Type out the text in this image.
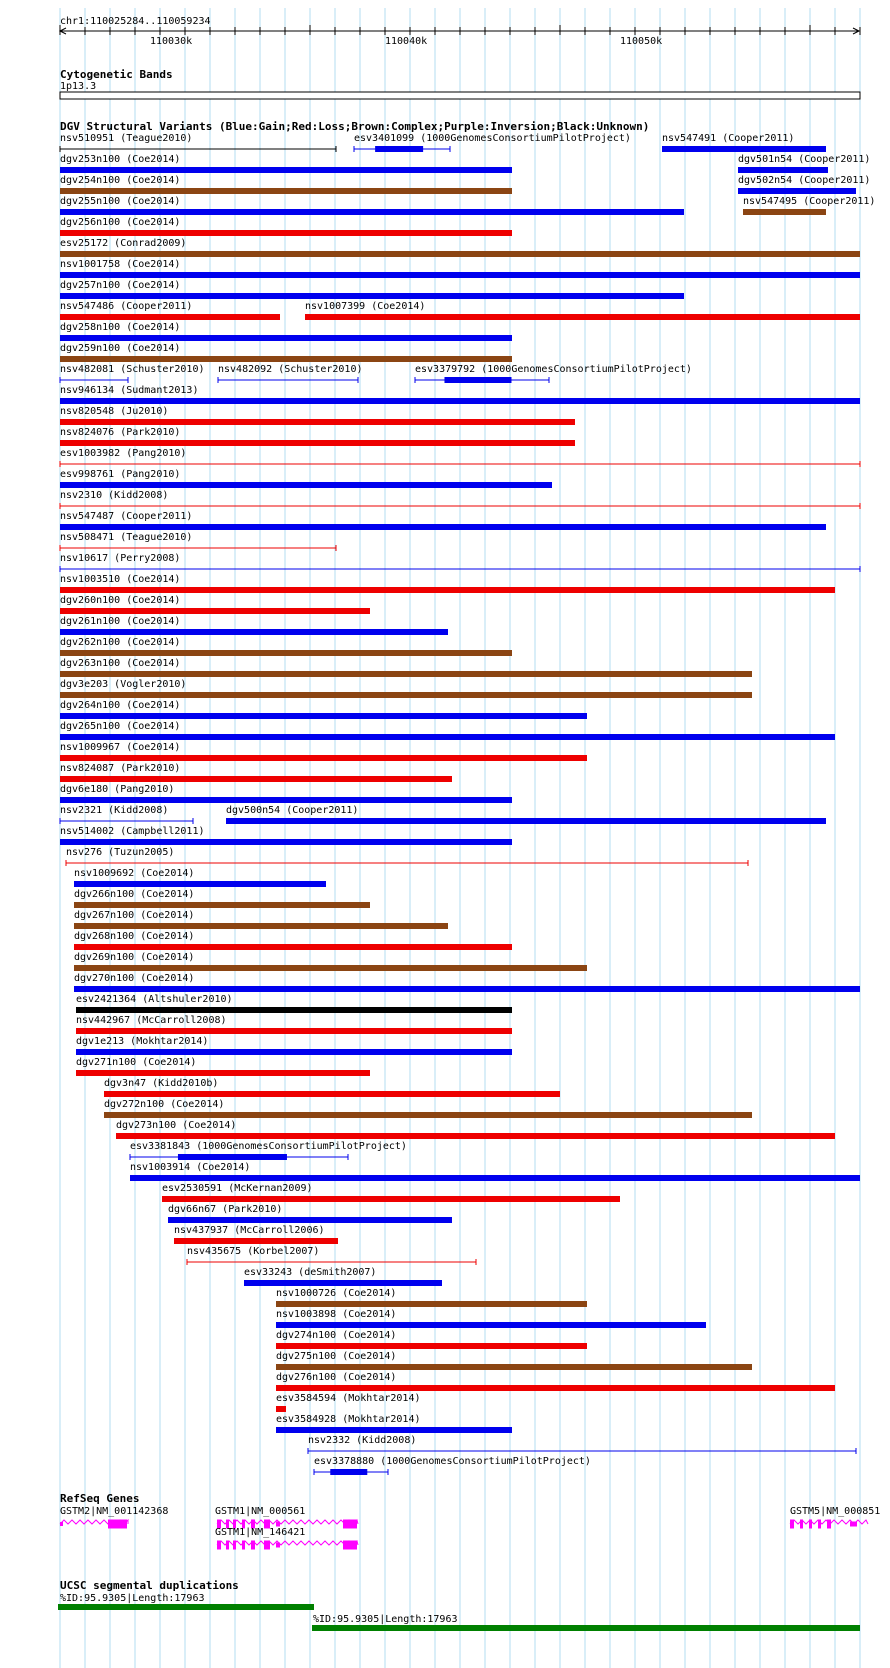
chr1:110025284..110059234
110030k	110040k	110050k
Cytogenetic Bands
1p13.3
DGV Structural Variants (Blue:Gain;Red:Loss;Brown:Complex;Purple:Inversion;Black:Unknown)
nsv510951 (Teague2010)	esv3401099 (1000GenomesConsortiumPilotProject)	nsv547491 (Cooper2011)
dgv253n100 (Coe2014)	dgv501n54 (Cooper2011)
dgv254n100 (Coe2014)	dgv502n54 (Cooper2011)
dgv255n100 (Coe2014)	nsv547495 (Cooper2011)
dgv256n100 (Coe2014)
esv25172 (Conrad2009)
nsv1001758 (Coe2014)
dgv257n100 (Coe2014)
nsv547486 (Cooper2011)	nsv1007399 (Coe2014)
dgv258n100 (Coe2014)
dgv259n100 (Coe2014)
nsv482081 (Schuster2010) nsv482092 (Schuster2010)	esv3379792 (1000GenomesConsortiumPilotProject)
nsv946134 (Sudmant2013)
nsv820548 (Ju2010)
nsv824076 (Park2010)
esv1003982 (Pang2010)
esv998761 (Pang2010)
nsv2310 (Kidd2008)
nsv547487 (Cooper2011)
nsv508471 (Teague2010)
nsv10617 (Perry2008)
nsv1003510 (Coe2014)
dgv260n100 (Coe2014)
dgv261n100 (Coe2014)
dgv262n100 (Coe2014)
dgv263n100 (Coe2014)
dgv3e203 (Vogler2010)
dgv264n100 (Coe2014)
dgv265n100 (Coe2014)
nsv1009967 (Coe2014)
nsv824087 (Park2010)
dgv6e180 (Pang2010)
nsv2321 (Kidd2008)	dgv500n54 (Cooper2011)
nsv514002 (Campbell2011)
nsv276 (Tuzun2005)
nsv1009692 (Coe2014)
dgv266n100 (Coe2014)
dgv267n100 (Coe2014)
dgv268n100 (Coe2014)
dgv269n100 (Coe2014)
dgv270n100 (Coe2014)
esv2421364 (Altshuler2010)
nsv442967 (McCarroll2008)
dgv1e213 (Mokhtar2014)
dgv271n100 (Coe2014)
dgv3n47 (Kidd2010b)
dgv272n100 (Coe2014)
dgv273n100 (Coe2014)
esv3381843 (1000GenomesConsortiumPilotProject)
nsv1003914 (Coe2014)
esv2530591 (McKernan2009)
dgv66n67 (Park2010)
nsv437937 (McCarroll2006)
nsv435675 (Korbel2007)
esv33243 (deSmith2007)
nsv1000726 (Coe2014)
nsv1003898 (Coe2014)
dgv274n100 (Coe2014)
dgv275n100 (Coe2014)
dgv276n100 (Coe2014)
esv3584594 (Mokhtar2014)
esv3584928 (Mokhtar2014)
nsv2332 (Kidd2008)
esv3378880 (1000GenomesConsortiumPilotProject)
RefSeq Genes
GSTM2|NM_001142368	GSTM1|NM_000561
GSTM1|NM_146421
GSTM5|NM_000851
UCSC segmental duplications
%ID:95.9305|Length:17963
%ID:95.9305|Length:17963
